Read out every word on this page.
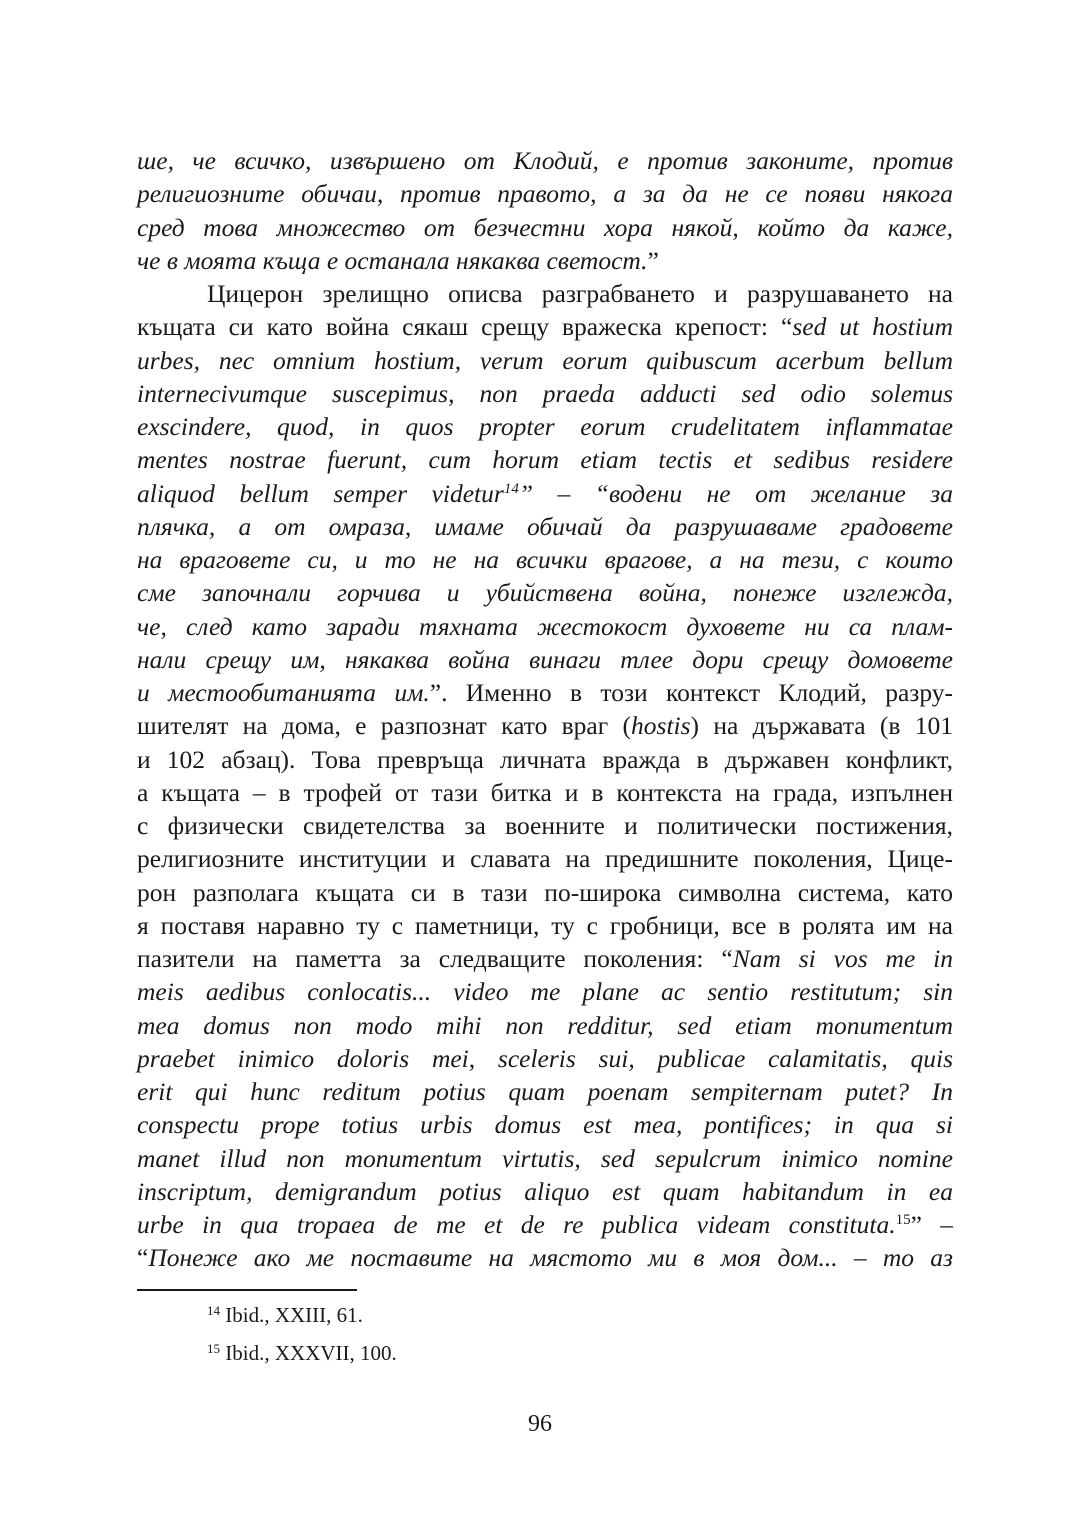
ше, че всичко, извършено от Клодий, е против законите, против
религиозните обичаи, против правото, а за да не се появи някога
сред това множество от безчестни хора някой, който да каже,
че в моята къща е останала някаква светост.”
Цицерон зрелищно описва разграбването и разрушаването на
къщата си като война сякаш срещу вражеска крепост: “sed ut hostium
urbes, nec omnium hostium, verum eorum quibuscum acerbum bellum
internecivumque suscepimus, non praeda adducti sed odio solemus
exscindere, quod, in quos propter eorum crudelitatem inflammatae
mentes nostrae fuerunt, cum horum etiam tectis et sedibus residere
aliquod bellum semper videtur$^{14}$” – “водени не от желание за
плячка, а от омраза, имаме обичай да разрушаваме градовете
на враговете си, и то не на всички врагове, а на тези, с които
сме започнали горчива и убийствена война, понеже изглежда,
че, след като заради тяхната жестокост духовете ни са плам-
нали срещу им, някаква война винаги тлее дори срещу домовете
и местообитанията им.”. Именно в този контекст Клодий, разру-
шителят на дома, е разпознат като враг (hostis) на държавата (в 101
и 102 абзац). Това превръща личната вражда в държавен конфликт,
а къщата – в трофей от тази битка и в контекста на града, изпълнен
с физически свидетелства за военните и политически постижения,
религиозните институции и славата на предишните поколения, Цице-
рон разполага къщата си в тази по-широка символна система, като
я поставя наравно ту с паметници, ту с гробници, все в ролята им на
пазители на паметта за следващите поколения: “Nam si vos me in
meis aedibus conlocatis... video me plane ac sentio restitutum; sin
mea domus non modo mihi non redditur, sed etiam monumentum
praebet inimico doloris mei, sceleris sui, publicae calamitatis, quis
erit qui hunc reditum potius quam poenam sempiternam putet? In
conspectu prope totius urbis domus est mea, pontifices; in qua si
manet illud non monumentum virtutis, sed sepulcrum inimico nomine
inscriptum, demigrandum potius aliquo est quam habitandum in ea
urbe in qua tropaea de me et de re publica videam constituta.$^{15}$” –
“Понеже ако ме поставите на мястото ми в моя дом... – то аз
$^{14}$ Ibid., XXIII, 61.
$^{15}$ Ibid., XXXVII, 100.
96
